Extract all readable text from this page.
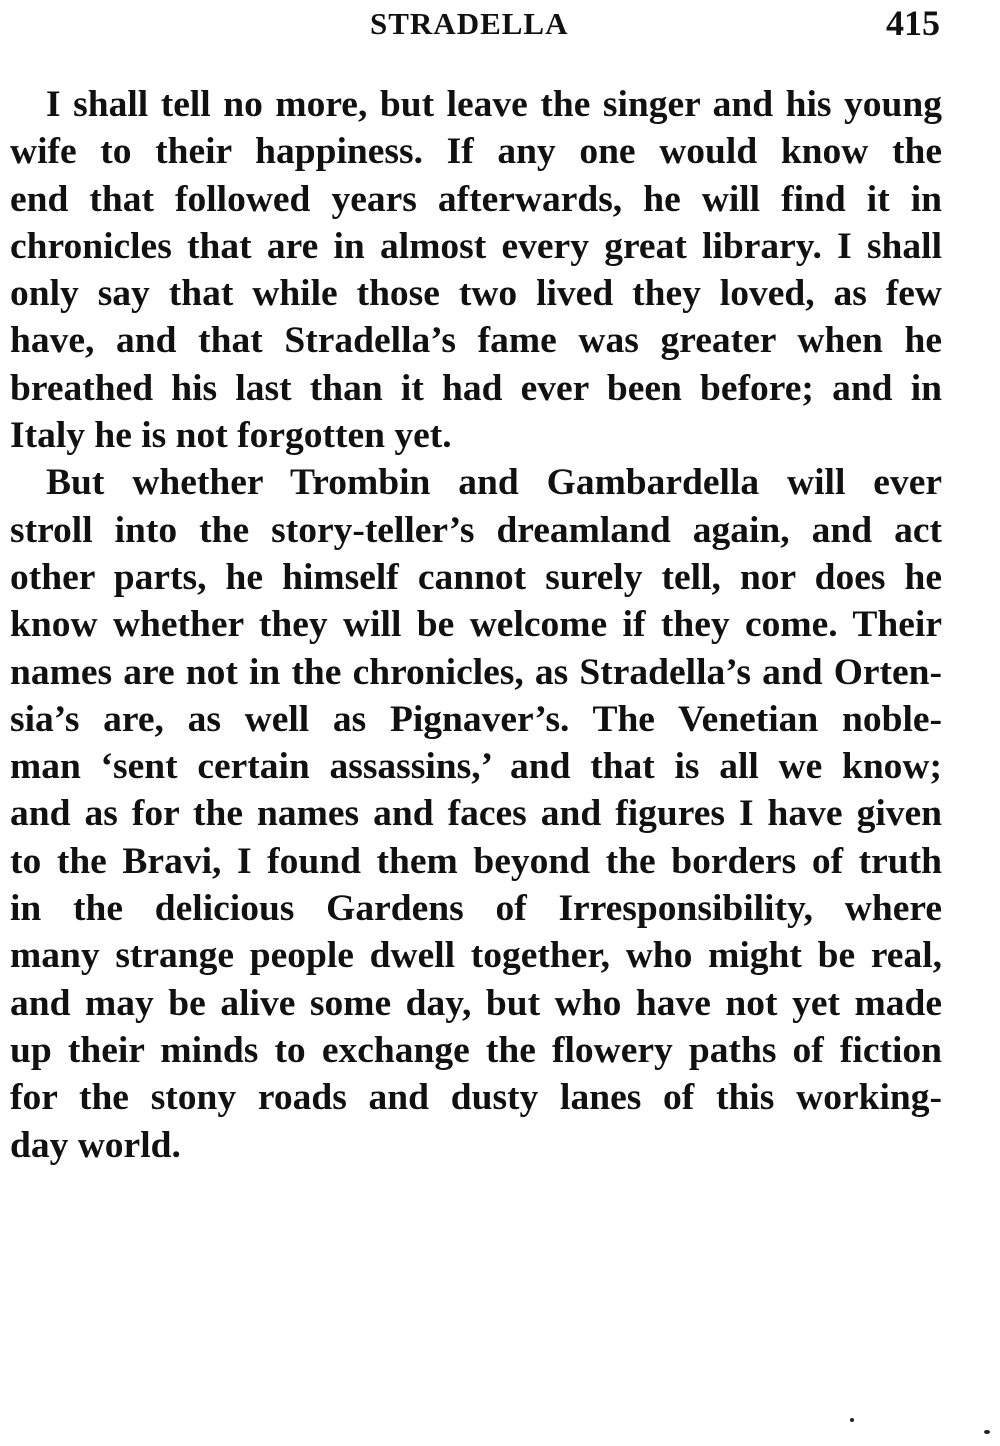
STRADELLA	415
I shall tell no more, but leave the singer and his young
wife to their happiness. If any one would know the
end that followed years afterwards, he will find it in
chronicles that are in almost every great library. I shall
only say that while those two lived they loved, as few
have, and that Stradella’s fame was greater when he
breathed his last than it had ever been before; and in
Italy he is not forgotten yet.
But whether Trombin and Gambardella will ever
stroll into the story-teller’s dreamland again, and act
other parts, he himself cannot surely tell, nor does he
know whether they will be welcome if they come. Their
names are not in the chronicles, as Stradella’s and Orten-
sia’s are, as well as Pignaver’s. The Venetian noble-
man ‘sent certain assassins,’ and that is all we know;
and as for the names and faces and figures I have given
to the Bravi, I found them beyond the borders of truth
in the delicious Gardens of Irresponsibility, where
many strange people dwell together, who might be real,
and may be alive some day, but who have not yet made
up their minds to exchange the flowery paths of fiction
for the stony roads and dusty lanes of this working-
day world.
